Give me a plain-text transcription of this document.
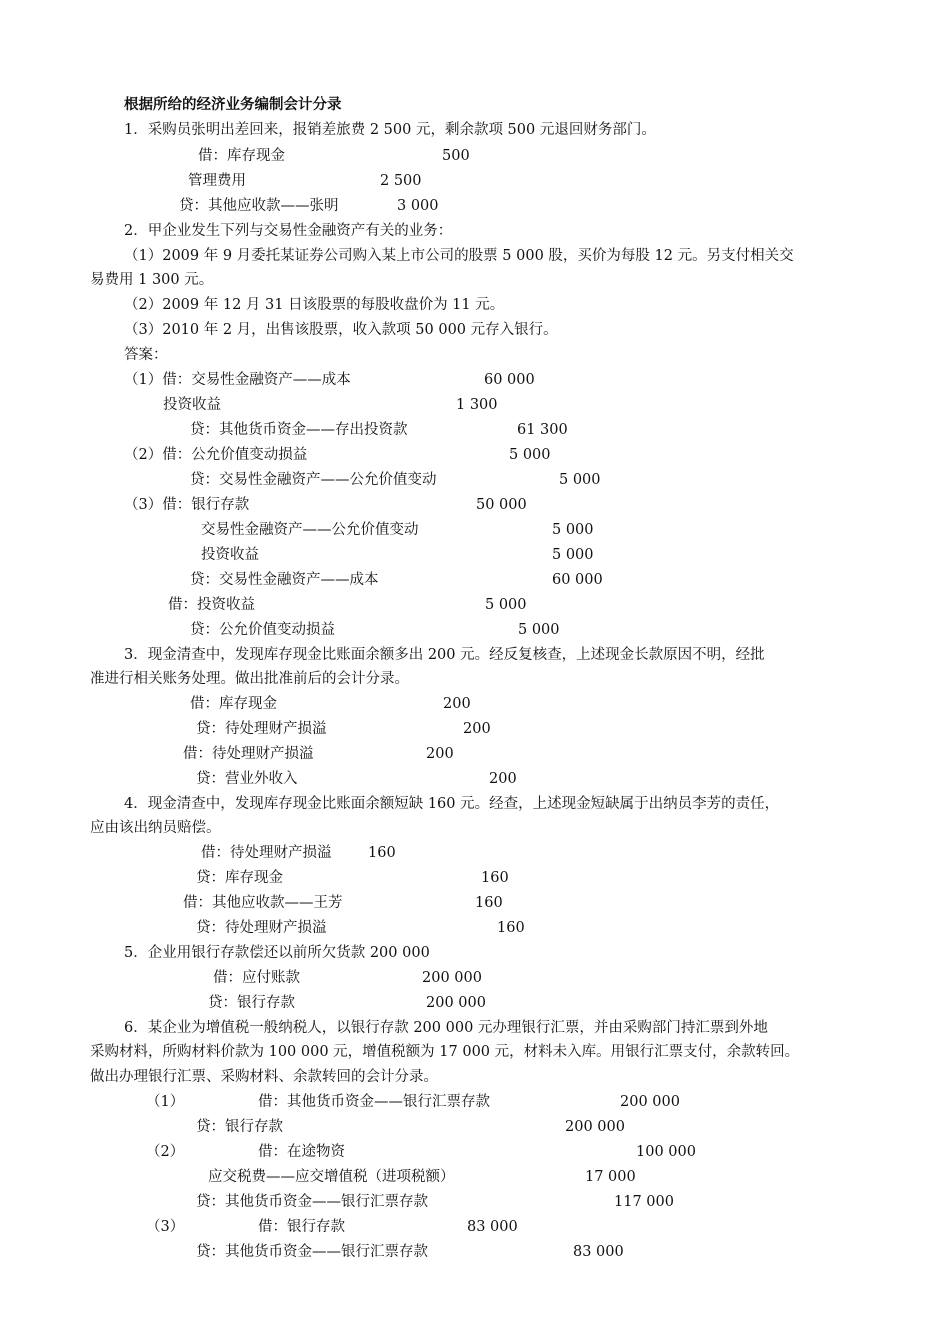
根据所给的经济业务编制会计分录
1．采购员张明出差回来，报销差旅费 2 500 元，剩余款项 500 元退回财务部门。
借：库存现金	500
管理费用	2 500
贷：其他应收款——张明	3 000
2．甲企业发生下列与交易性金融资产有关的业务：
（1）2009 年 9 月委托某证券公司购入某上市公司的股票 5 000 股，买价为每股 12 元。另支付相关交
易费用 1 300 元。
（2）2009 年 12 月 31 日该股票的每股收盘价为 11 元。
（3）2010 年 2 月，出售该股票，收入款项 50 000 元存入银行。
答案：
（1）借：交易性金融资产——成本	60 000
投资收益	1 300
贷：其他货币资金——存出投资款	61 300
（2）借：公允价值变动损益	5 000
贷：交易性金融资产——公允价值变动	5 000
（3）借：银行存款	50 000
交易性金融资产——公允价值变动	5 000
投资收益	5 000
贷：交易性金融资产——成本	60 000
借：投资收益	5 000
贷：公允价值变动损益	5 000
3．现金清查中，发现库存现金比账面余额多出 200 元。经反复核查，上述现金长款原因不明，经批
准进行相关账务处理。做出批准前后的会计分录。
借：库存现金	200
贷：待处理财产损溢	200
借：待处理财产损溢	200
贷：营业外收入	200
4．现金清查中，发现库存现金比账面余额短缺 160 元。经查，上述现金短缺属于出纳员李芳的责任，
应由该出纳员赔偿。
借：待处理财产损溢	160
贷：库存现金	160
借：其他应收款——王芳	160
贷：待处理财产损溢	160
5．企业用银行存款偿还以前所欠货款 200 000
借：应付账款	200 000
贷：银行存款	200 000
6．某企业为增值税一般纳税人，以银行存款 200 000 元办理银行汇票，并由采购部门持汇票到外地
采购材料，所购材料价款为 100 000 元，增值税额为 17 000 元，材料未入库。用银行汇票支付，余款转回。
做出办理银行汇票、采购材料、余款转回的会计分录。
（1）	借：其他货币资金——银行汇票存款	200 000
贷：银行存款	200 000
（2）	借：在途物资	100 000
应交税费——应交增值税（进项税额）	17 000
贷：其他货币资金——银行汇票存款	117 000
（3）	借：银行存款	83 000
贷：其他货币资金——银行汇票存款	83 000
